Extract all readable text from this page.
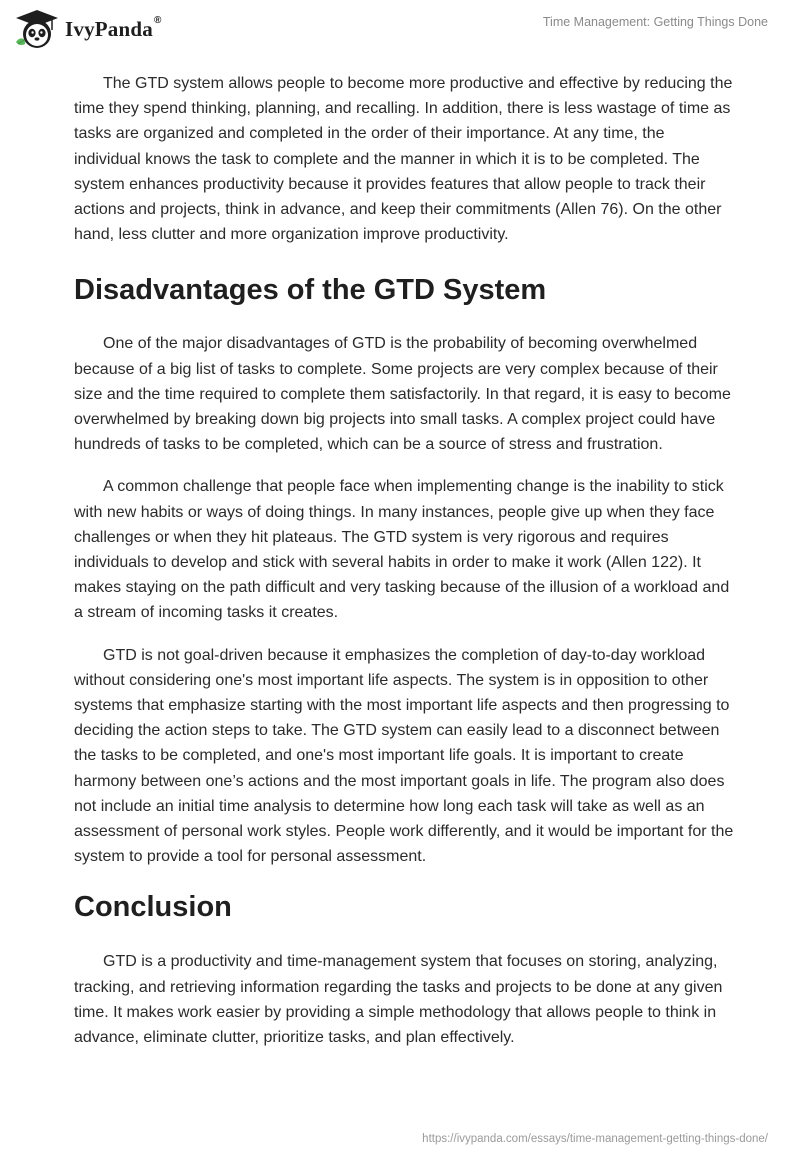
IvyPanda®	Time Management: Getting Things Done

The GTD system allows people to become more productive and effective by reducing the time they spend thinking, planning, and recalling. In addition, there is less wastage of time as tasks are organized and completed in the order of their importance. At any time, the individual knows the task to complete and the manner in which it is to be completed. The system enhances productivity because it provides features that allow people to track their actions and projects, think in advance, and keep their commitments (Allen 76). On the other hand, less clutter and more organization improve productivity.

Disadvantages of the GTD System

One of the major disadvantages of GTD is the probability of becoming overwhelmed because of a big list of tasks to complete. Some projects are very complex because of their size and the time required to complete them satisfactorily. In that regard, it is easy to become overwhelmed by breaking down big projects into small tasks. A complex project could have hundreds of tasks to be completed, which can be a source of stress and frustration.

A common challenge that people face when implementing change is the inability to stick with new habits or ways of doing things. In many instances, people give up when they face challenges or when they hit plateaus. The GTD system is very rigorous and requires individuals to develop and stick with several habits in order to make it work (Allen 122). It makes staying on the path difficult and very tasking because of the illusion of a workload and a stream of incoming tasks it creates.

GTD is not goal-driven because it emphasizes the completion of day-to-day workload without considering one's most important life aspects. The system is in opposition to other systems that emphasize starting with the most important life aspects and then progressing to deciding the action steps to take. The GTD system can easily lead to a disconnect between the tasks to be completed, and one's most important life goals. It is important to create harmony between one’s actions and the most important goals in life. The program also does not include an initial time analysis to determine how long each task will take as well as an assessment of personal work styles. People work differently, and it would be important for the system to provide a tool for personal assessment.

Conclusion

GTD is a productivity and time-management system that focuses on storing, analyzing, tracking, and retrieving information regarding the tasks and projects to be done at any given time. It makes work easier by providing a simple methodology that allows people to think in advance, eliminate clutter, prioritize tasks, and plan effectively.

https://ivypanda.com/essays/time-management-getting-things-done/
